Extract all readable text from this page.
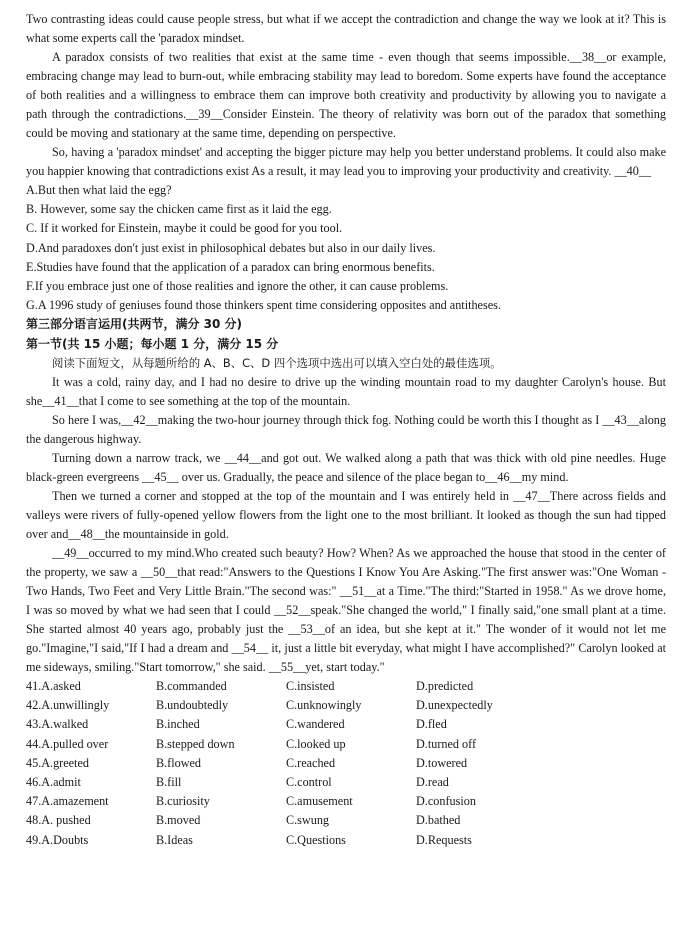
Two contrasting ideas could cause people stress, but what if we accept the contradiction and change the way we look at it? This is what some experts call the 'paradox mindset.

A paradox consists of two realities that exist at the same time - even though that seems impossible.__38__or example, embracing change may lead to burn-out, while embracing stability may lead to boredom. Some experts have found the acceptance of both realities and a willingness to embrace them can improve both creativity and productivity by allowing you to navigate a path through the contradictions.__39__Consider Einstein. The theory of relativity was born out of the paradox that something could be moving and stationary at the same time, depending on perspective.

So, having a 'paradox mindset' and accepting the bigger picture may help you better understand problems. It could also make you happier knowing that contradictions exist As a result, it may lead you to improving your productivity and creativity. __40__

A.But then what laid the egg?

B. However, some say the chicken came first as it laid the egg.

C. If it worked for Einstein, maybe it could be good for you tool.

D.And paradoxes don't just exist in philosophical debates but also in our daily lives.

E.Studies have found that the application of a paradox can bring enormous benefits.

F.If you embrace just one of those realities and ignore the other, it can cause problems.

G.A 1996 study of geniuses found those thinkers spent time considering opposites and antitheses.

第三部分语言运用(共两节，满分 30 分)

第一节(共 15 小题；每小题 1 分，满分 15 分

阅读下面短文，从每题所给的 A、B、C、D 四个选项中选出可以填入空白处的最佳选项。

It was a cold, rainy day, and I had no desire to drive up the winding mountain road to my daughter Carolyn's house. But she__41__that I come to see something at the top of the mountain.

So here I was,__42__making the two-hour journey through thick fog. Nothing could be worth this I thought as I __43__along the dangerous highway.

Turning down a narrow track, we __44__and got out. We walked along a path that was thick with old pine needles. Huge black-green evergreens __45__ over us. Gradually, the peace and silence of the place began to__46__my mind.

Then we turned a corner and stopped at the top of the mountain and I was entirely held in __47__There across fields and valleys were rivers of fully-opened yellow flowers from the light one to the most brilliant. It looked as though the sun had tipped over and__48__the mountainside in gold.

__49__occurred to my mind.Who created such beauty? How? When? As we approached the house that stood in the center of the property, we saw a __50__that read:"Answers to the Questions I Know You Are Asking."The first answer was:"One Woman -Two Hands, Two Feet and Very Little Brain."The second was:" __51__at a Time."The third:"Started in 1958." As we drove home, I was so moved by what we had seen that I could __52__speak."She changed the world," I finally said,"one small plant at a time. She started almost 40 years ago, probably just the __53__of an idea, but she kept at it." The wonder of it would not let me go."Imagine,"I said,"If I had a dream and __54__ it, just a little bit everyday, what might I have accomplished?" Carolyn looked at me sideways, smiling."Start tomorrow," she said. __55__yet, start today."

41.A.asked	B.commanded	C.insisted	D.predicted
42.A.unwillingly	B.undoubtedly	C.unknowingly	D.unexpectedly
43.A.walked	B.inched	C.wandered	D.fled
44.A.pulled over	B.stepped down	C.looked up	D.turned off
45.A.greeted	B.flowed	C.reached	D.towered
46.A.admit	B.fill	C.control	D.read
47.A.amazement	B.curiosity	C.amusement	D.confusion
48.A. pushed	B.moved	C.swung	D.bathed
49.A.Doubts	B.Ideas	C.Questions	D.Requests
